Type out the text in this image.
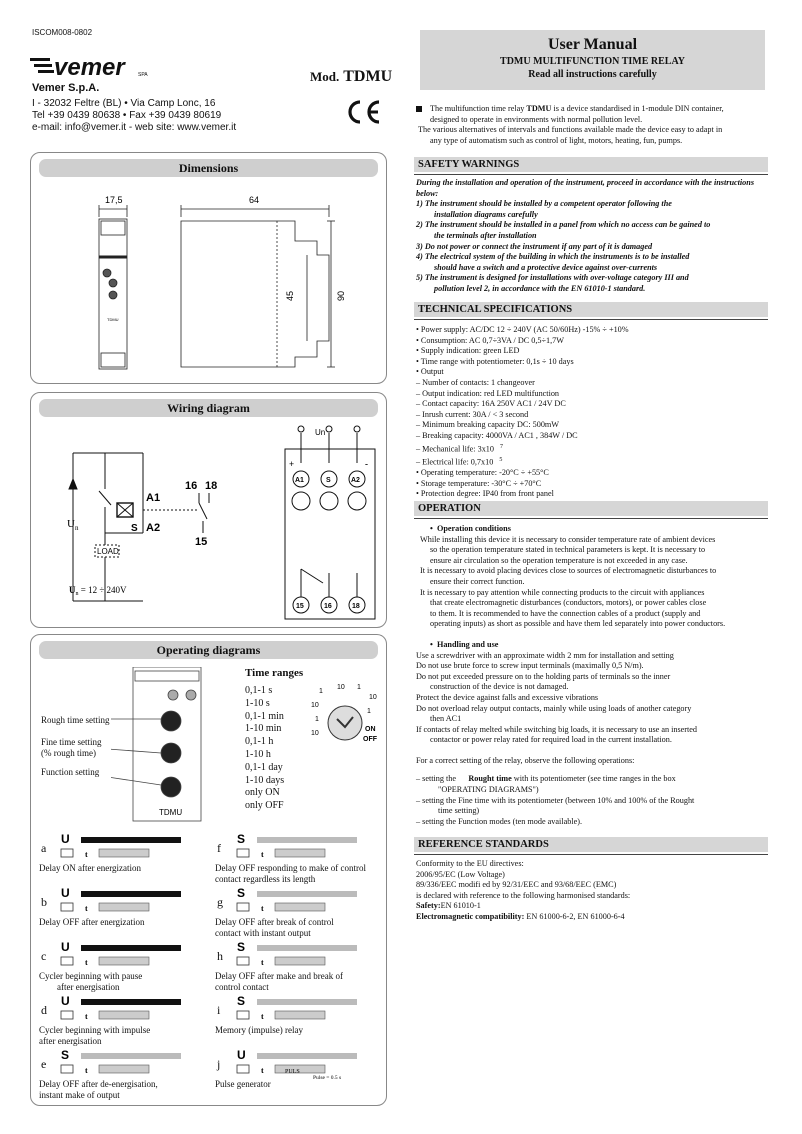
ISCOM008-0802
vemer	SPA	Mod. TDMU
Vemer S.p.A.
I - 32032 Feltre (BL) • Via Camp Lonc, 16
Tel +39 0439 80638 • Fax +39 0439 80619
e-mail: info@vemer.it - web site: www.vemer.it
Dimensions
17,5	64
45	90
TDMU
Wiring diagram
$U_n$
A1
A2
S
LOAD
16 18
15
$U_n = 12 \div 240V$
Un
+	-
A1	S	A2
15	16	18
Operating diagrams
Rough time setting
Fine time setting
(% rough time)
Function setting
TDMU
Time ranges
0,1-1 s
1-10 s
0,1-1 min
1-10 min
0,1-1 h
1-10 h
0,1-1 day
1-10 days
only ON
only OFF
1
10 1
10
1
10
1
10
ON
OFF
a
U
t
Delay ON after energization
b
U
t
Delay OFF after energization
c
U
t
Cycler beginning with pause
after energisation
d
U
t
Cycler beginning with impulse
after energisation
e
S
t
Delay OFF after de-energisation,
instant make of output
f
S
t
Delay OFF responding to make of control
contact regardless its length
g
S
t
Delay OFF after break of control
contact with instant output
h
S
t
Delay OFF after make and break of
control contact
i
S
t
Memory (impulse) relay
j
U
t	PULS
Pulse = 0,5 s
Pulse generator
User Manual
TDMU MULTIFUNCTION TIME RELAY
Read all instructions carefully
The multifunction time relay TDMU is a device standardised in 1-module DIN container,
designed to operate in environments with normal pollution level.
The various alternatives of intervals and functions available made the device easy to adapt in
any type of automatism such as control of light, motors, heating, fun, pumps.
SAFETY WARNINGS
During the installation and operation of the instrument, proceed in accordance with the instructions below:
1) The instrument should be installed by a competent operator following the
installation diagrams carefully
2) The instrument should be installed in a panel from which no access can be gained to
the terminals after installation
3) Do not power or connect the instrument if any part of it is damaged
4) The electrical system of the building in which the instruments is to be installed
should have a switch and a protective device against over-currents
5) The instrument is designed for installations with over-voltage category III and
pollution level 2, in accordance with the EN 61010-1 standard.
TECHNICAL SPECIFICATIONS
• Power supply: AC/DC 12 ÷ 240V (AC 50/60Hz) -15% ÷ +10%
• Consumption: AC 0,7÷3VA / DC 0,5÷1,7W
• Supply indication: green LED
• Time range with potentiometer: 0,1s ÷ 10 days
• Output
– Number of contacts: 1 changeover
– Output indication: red LED multifunction
– Contact capacity: 16A 250V AC1 / 24V DC
– Inrush current: 30A / < 3 second
– Minimum breaking capacity DC: 500mW
– Breaking capacity: 4000VA / AC1 , 384W / DC
– Mechanical life: 3x10 $^7$
– Electrical life: 0,7x10 $^5$
• Operating temperature: -20°C ÷ +55°C
• Storage temperature: -30°C ÷ +70°C
• Protection degree: IP40 from front panel
OPERATION
•  Operation conditions
While installing this device it is necessary to consider temperature rate of ambient devices
so the operation temperature stated in technical parameters is kept. It is necessary to
ensure air circulation so the operation temperature is not exceeded in any case.
It is necessary to avoid placing devices close to sources of electromagnetic disturbances to
ensure their correct function.
It is necessary to pay attention while connecting products to the circuit with appliances
that create electromagnetic disturbances (conductors, motors), or power cables close
to them. It is recommended to have the connection cables of a product (supply and
operating inputs) as short as possible and have them led separately into power conductors.
•  Handling and use
Use a screwdriver with an approximate width 2 mm for installation and setting
Do not use brute force to screw input terminals (maximally 0,5 N/m).
Do not put exceeded pressure on to the holding parts of terminals so the inner
construction of the device is not damaged.
Protect the device against falls and excessive vibrations
Do not overload relay output contacts, mainly while using loads of another category
then AC1
If contacts of relay melted while switching big loads, it is necessary to use an inserted
contactor or power relay rated for required load in the current installation.
For a correct setting of the relay, observe the following operations:
– setting the Rought time with its potentiometer (see time ranges in the box
"OPERATING DIAGRAMS")
– setting the Fine time with its potentiometer (between 10% and 100% of the Rought
time setting)
– setting the Function modes (ten mode available).
REFERENCE STANDARDS
Conformity to the EU directives:
2006/95/EC (Low Voltage)
89/336/EEC modifi ed by 92/31/EEC and 93/68/EEC (EMC)
is declared with reference to the following harmonised standards:
Safety:EN 61010-1
Electromagnetic compatibility: EN 61000-6-2, EN 61000-6-4
